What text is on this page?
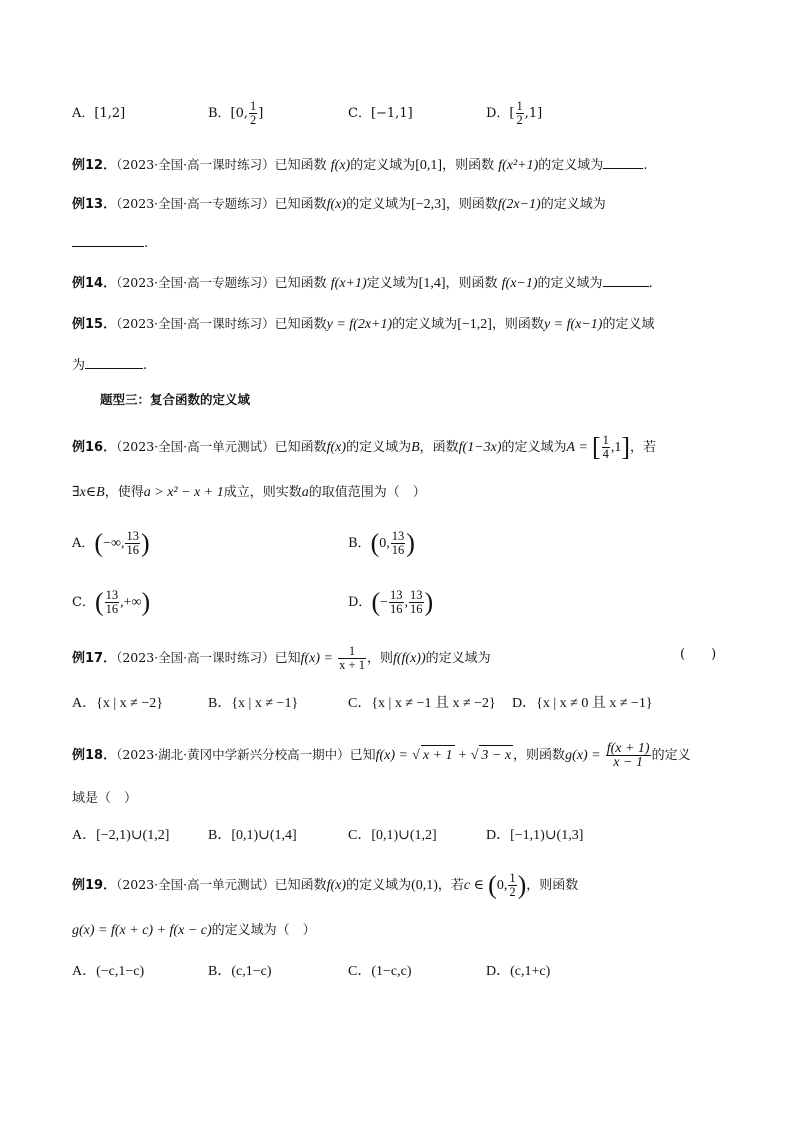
A．[1,2]	B．[0, $\frac{1}{2}$ ]	C．[−1,1]	D．[ $\frac{1}{2} ,1$]
例12．（2023·全国·高一课时练习）已知函数 f(x)的定义域为[0,1]，则函数 f(x²+1)的定义域为	.
例13．（2023·全国·高一专题练习）已知函数f(x)的定义域为[−2,3]，则函数f(2x−1)的定义域为
.
例14．（2023·全国·高一专题练习）已知函数 f(x+1)定义域为[1,4]，则函数 f(x−1)的定义域为	.
例15．（2023·全国·高一课时练习）已知函数y = f(2x+1)的定义域为[−1,2]，则函数y = f(x−1)的定义域
为	.
题型三：复合函数的定义域
例16．（2023·全国·高一单元测试）已知函数f(x)的定义域为B，函数f(1−3x)的定义域为A = [ $\frac{1}{4} ,1$]，若
∃x∈B，使得a > x² − x + 1成立，则实数a的取值范围为（　）
A．(−∞, $\frac{13}{16}$ )	B．(0, $\frac{13}{16}$ )
C．( $\frac{13}{16}$ ,+∞)	D．(− $\frac{13}{16}$ , $\frac{13}{16}$ )
例17．（2023·全国·高一课时练习）已知$f(x) = \frac{1}{x + 1}$ ，则f(f(x))的定义域为	(　　)
A．{x | x ≠ −2}	B．{x | x ≠ −1}	C．{x | x ≠ −1 且 x ≠ −2} D．{x | x ≠ 0 且 x ≠ −1}
例18．（2023·湖北·黄冈中学新兴分校高一期中）已知f(x) = √ x + 1 + √ 3 − x ，则函数$g(x) = \frac{f(x + 1)}{x - 1}$ 的定义
域是（　）
A．[−2,1)∪(1,2]	B．[0,1)∪(1,4]	C．[0,1)∪(1,2]	D．[−1,1)∪(1,3]
例19．（2023·全国·高一单元测试）已知函数f(x)的定义域为(0,1)，若c ∈ (0, $\frac{1}{2}$ )，则函数
g(x) = f(x + c) + f(x − c)的定义域为（　）
A．(−c,1−c)	B．(c,1−c)	C．(1−c,c)	D．(c,1+c)
